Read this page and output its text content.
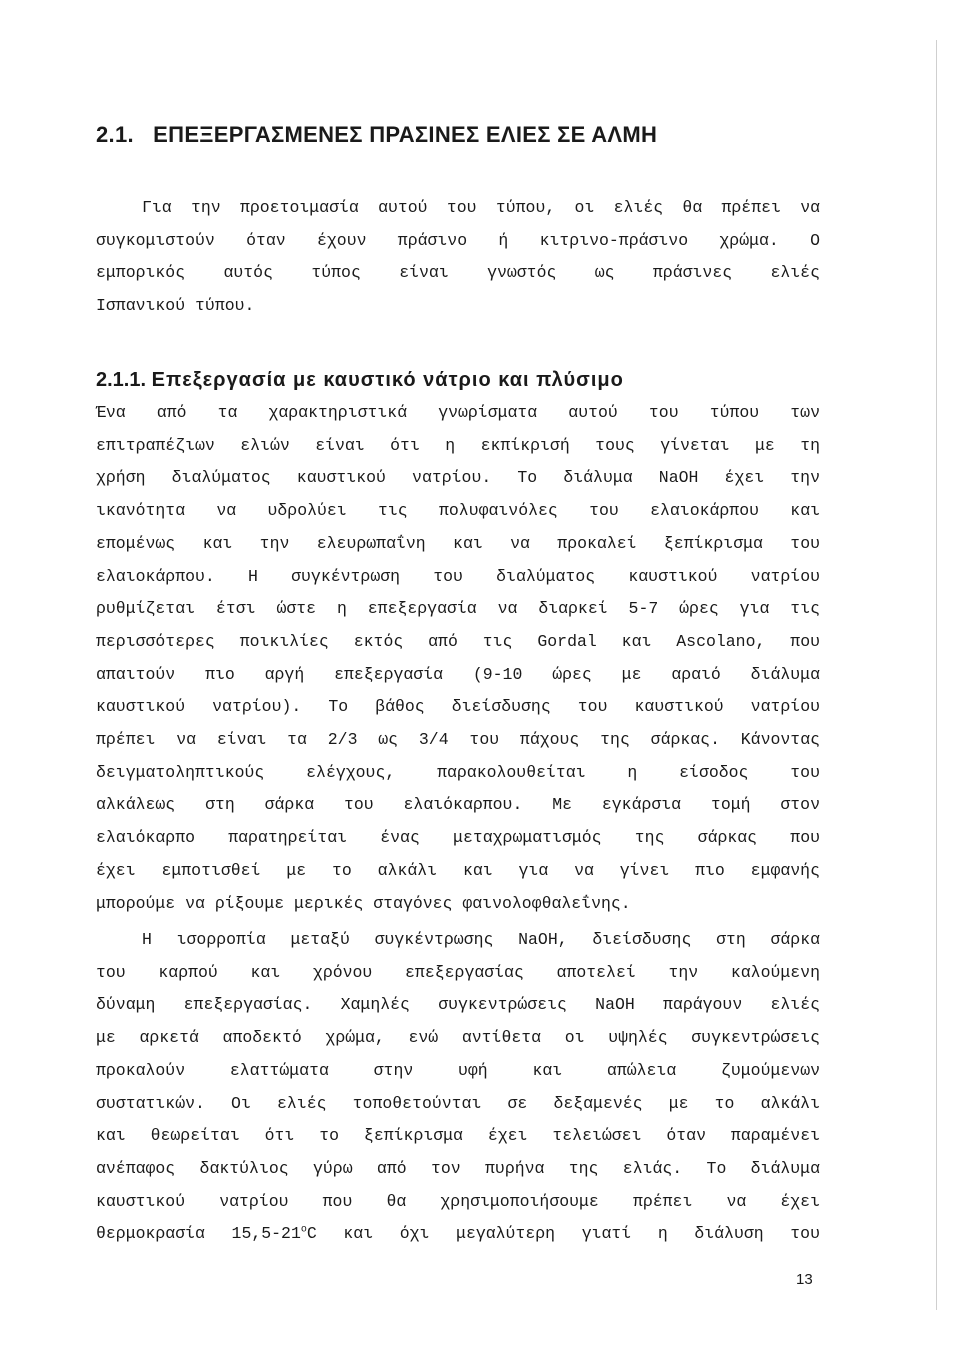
2.1. ΕΠΕΞΕΡΓΑΣΜΕΝΕΣ ΠΡΑΣΙΝΕΣ ΕΛΙΕΣ ΣΕ ΑΛΜΗ
Για την προετοιμασία αυτού του τύπου, οι ελιές θα πρέπει να
συγκομιστούν όταν έχουν πράσινο ή κιτρινο-πράσινο χρώμα. Ο
εμπορικός αυτός τύπος είναι γνωστός ως πράσινες ελιές
Ισπανικού τύπου.
2.1.1. Επεξεργασία με καυστικό νάτριο και πλύσιμο
Ένα από τα χαρακτηριστικά γνωρίσματα αυτού του τύπου των
επιτραπέζιων ελιών είναι ότι η εκπίκρισή τους γίνεται με τη
χρήση διαλύματος καυστικού νατρίου. Το διάλυμα NaOH έχει την
ικανότητα να υδρολύει τις πολυφαινόλες του ελαιοκάρπου και
επομένως και την ελευρωπαΐνη και να προκαλεί ξεπίκρισμα του
ελαιοκάρπου. Η συγκέντρωση του διαλύματος καυστικού νατρίου
ρυθμίζεται έτσι ώστε η επεξεργασία να διαρκεί 5-7 ώρες για τις
περισσότερες ποικιλίες εκτός από τις Gordal και Ascolano, που
απαιτούν πιο αργή επεξεργασία (9-10 ώρες με αραιό διάλυμα
καυστικού νατρίου). Το βάθος διείσδυσης του καυστικού νατρίου
πρέπει να είναι τα 2/3 ως 3/4 του πάχους της σάρκας. Κάνοντας
δειγματοληπτικούς ελέγχους, παρακολουθείται η είσοδος του
αλκάλεως στη σάρκα του ελαιόκαρπου. Με εγκάρσια τομή στον
ελαιόκαρπο παρατηρείται ένας μεταχρωματισμός της σάρκας που
έχει εμποτισθεί με το αλκάλι και για να γίνει πιο εμφανής
μπορούμε να ρίξουμε μερικές σταγόνες φαινολοφθαλεΐνης.
Η ισορροπία μεταξύ συγκέντρωσης NaOH, διείσδυσης στη σάρκα
του καρπού και χρόνου επεξεργασίας αποτελεί την καλούμενη
δύναμη επεξεργασίας. Χαμηλές συγκεντρώσεις NaOH παράγουν ελιές
με αρκετά αποδεκτό χρώμα, ενώ αντίθετα οι υψηλές συγκεντρώσεις
προκαλούν ελαττώματα στην υφή και απώλεια ζυμούμενων
συστατικών. Οι ελιές τοποθετούνται σε δεξαμενές με το αλκάλι
και θεωρείται ότι το ξεπίκρισμα έχει τελειώσει όταν παραμένει
ανέπαφος δακτύλιος γύρω από τον πυρήνα της ελιάς. Το διάλυμα
καυστικού νατρίου που θα χρησιμοποιήσουμε πρέπει να έχει
θερμοκρασία 15,5-21$^o$C και όχι μεγαλύτερη γιατί η διάλυση του
13
